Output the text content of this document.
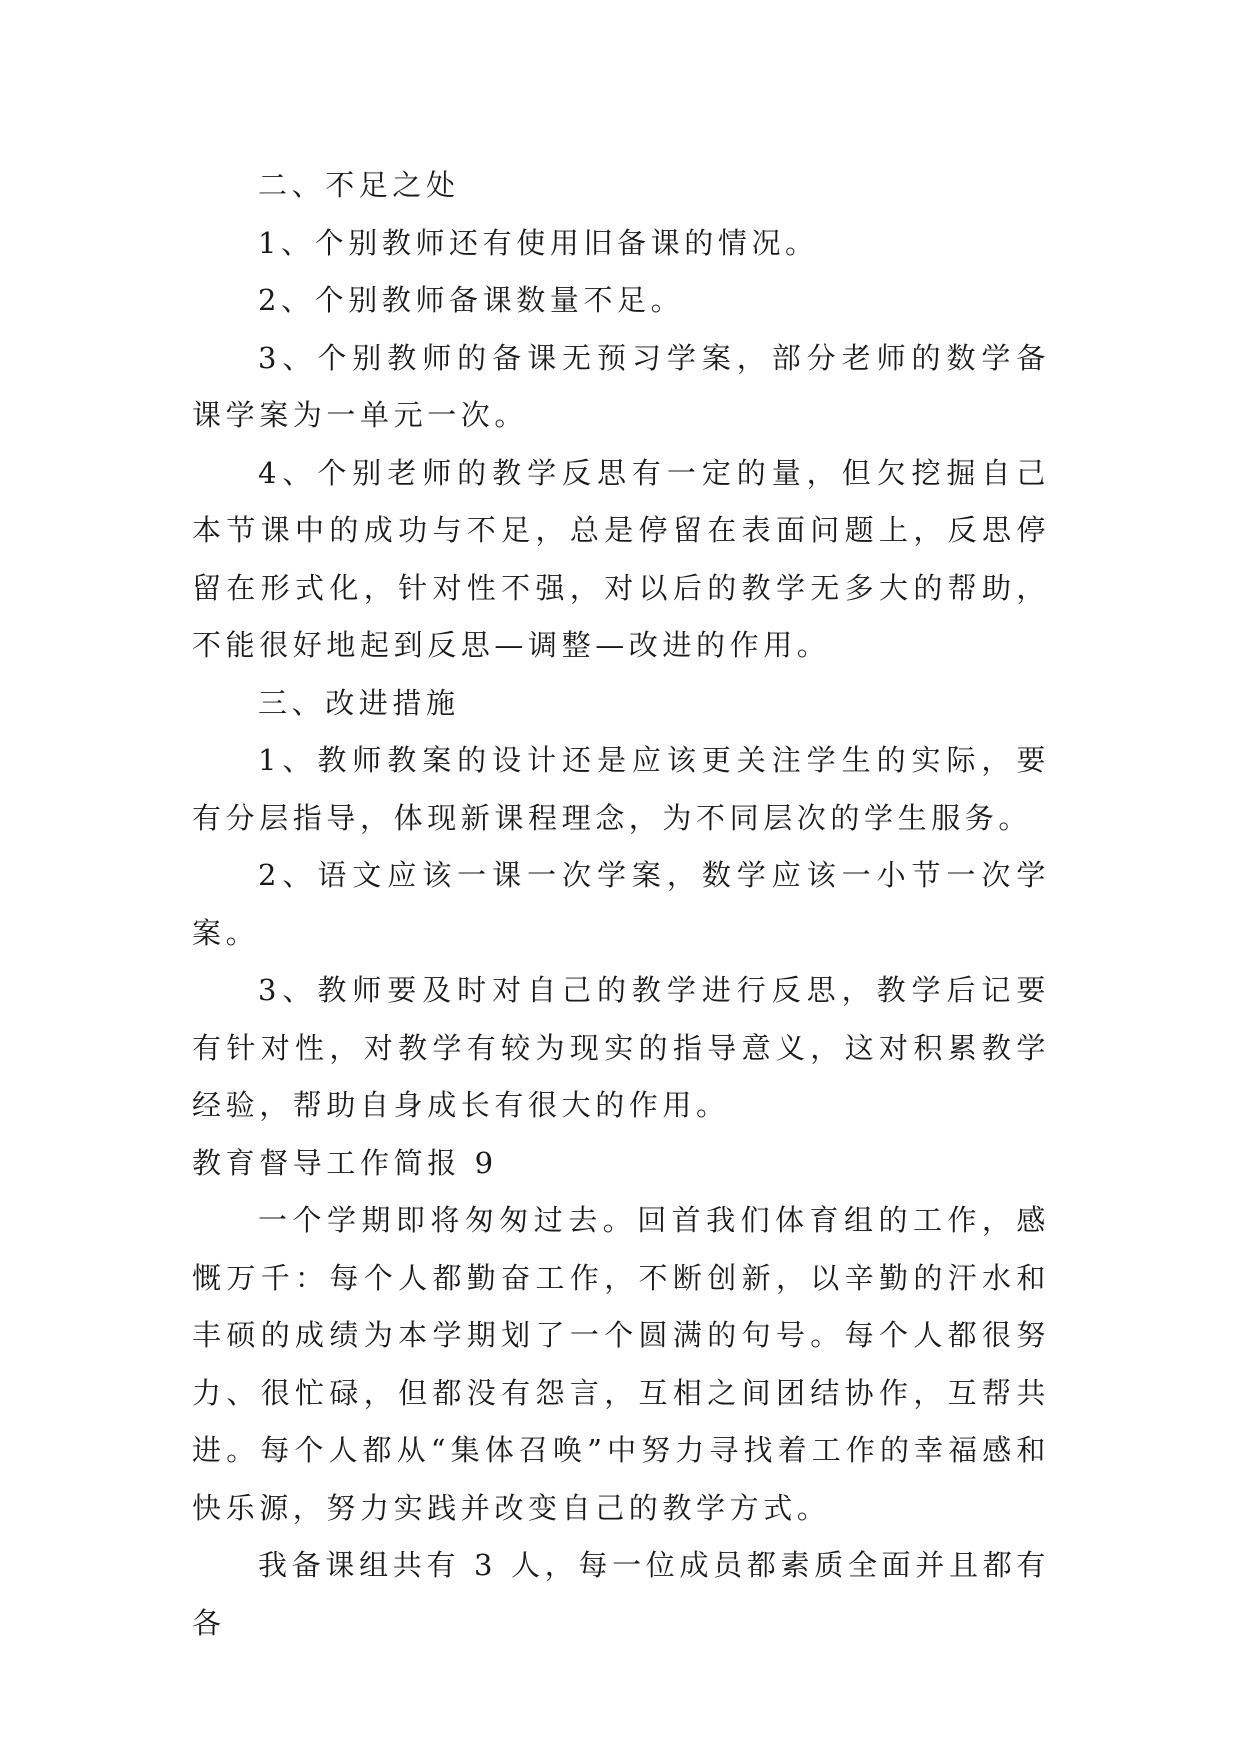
二、不足之处

1、个别教师还有使用旧备课的情况。

2、个别教师备课数量不足。

3、个别教师的备课无预习学案，部分老师的数学备课学案为一单元一次。

4、个别老师的教学反思有一定的量，但欠挖掘自己本节课中的成功与不足，总是停留在表面问题上，反思停留在形式化，针对性不强，对以后的教学无多大的帮助，不能很好地起到反思—调整—改进的作用。

三、改进措施

1、教师教案的设计还是应该更关注学生的实际，要有分层指导，体现新课程理念，为不同层次的学生服务。

2、语文应该一课一次学案，数学应该一小节一次学案。

3、教师要及时对自己的教学进行反思，教学后记要有针对性，对教学有较为现实的指导意义，这对积累教学经验，帮助自身成长有很大的作用。

教育督导工作简报 9

一个学期即将匆匆过去。回首我们体育组的工作，感慨万千：每个人都勤奋工作，不断创新，以辛勤的汗水和丰硕的成绩为本学期划了一个圆满的句号。每个人都很努力、很忙碌，但都没有怨言，互相之间团结协作，互帮共进。每个人都从“集体召唤”中努力寻找着工作的幸福感和快乐源，努力实践并改变自己的教学方式。

我备课组共有 3 人，每一位成员都素质全面并且都有各
